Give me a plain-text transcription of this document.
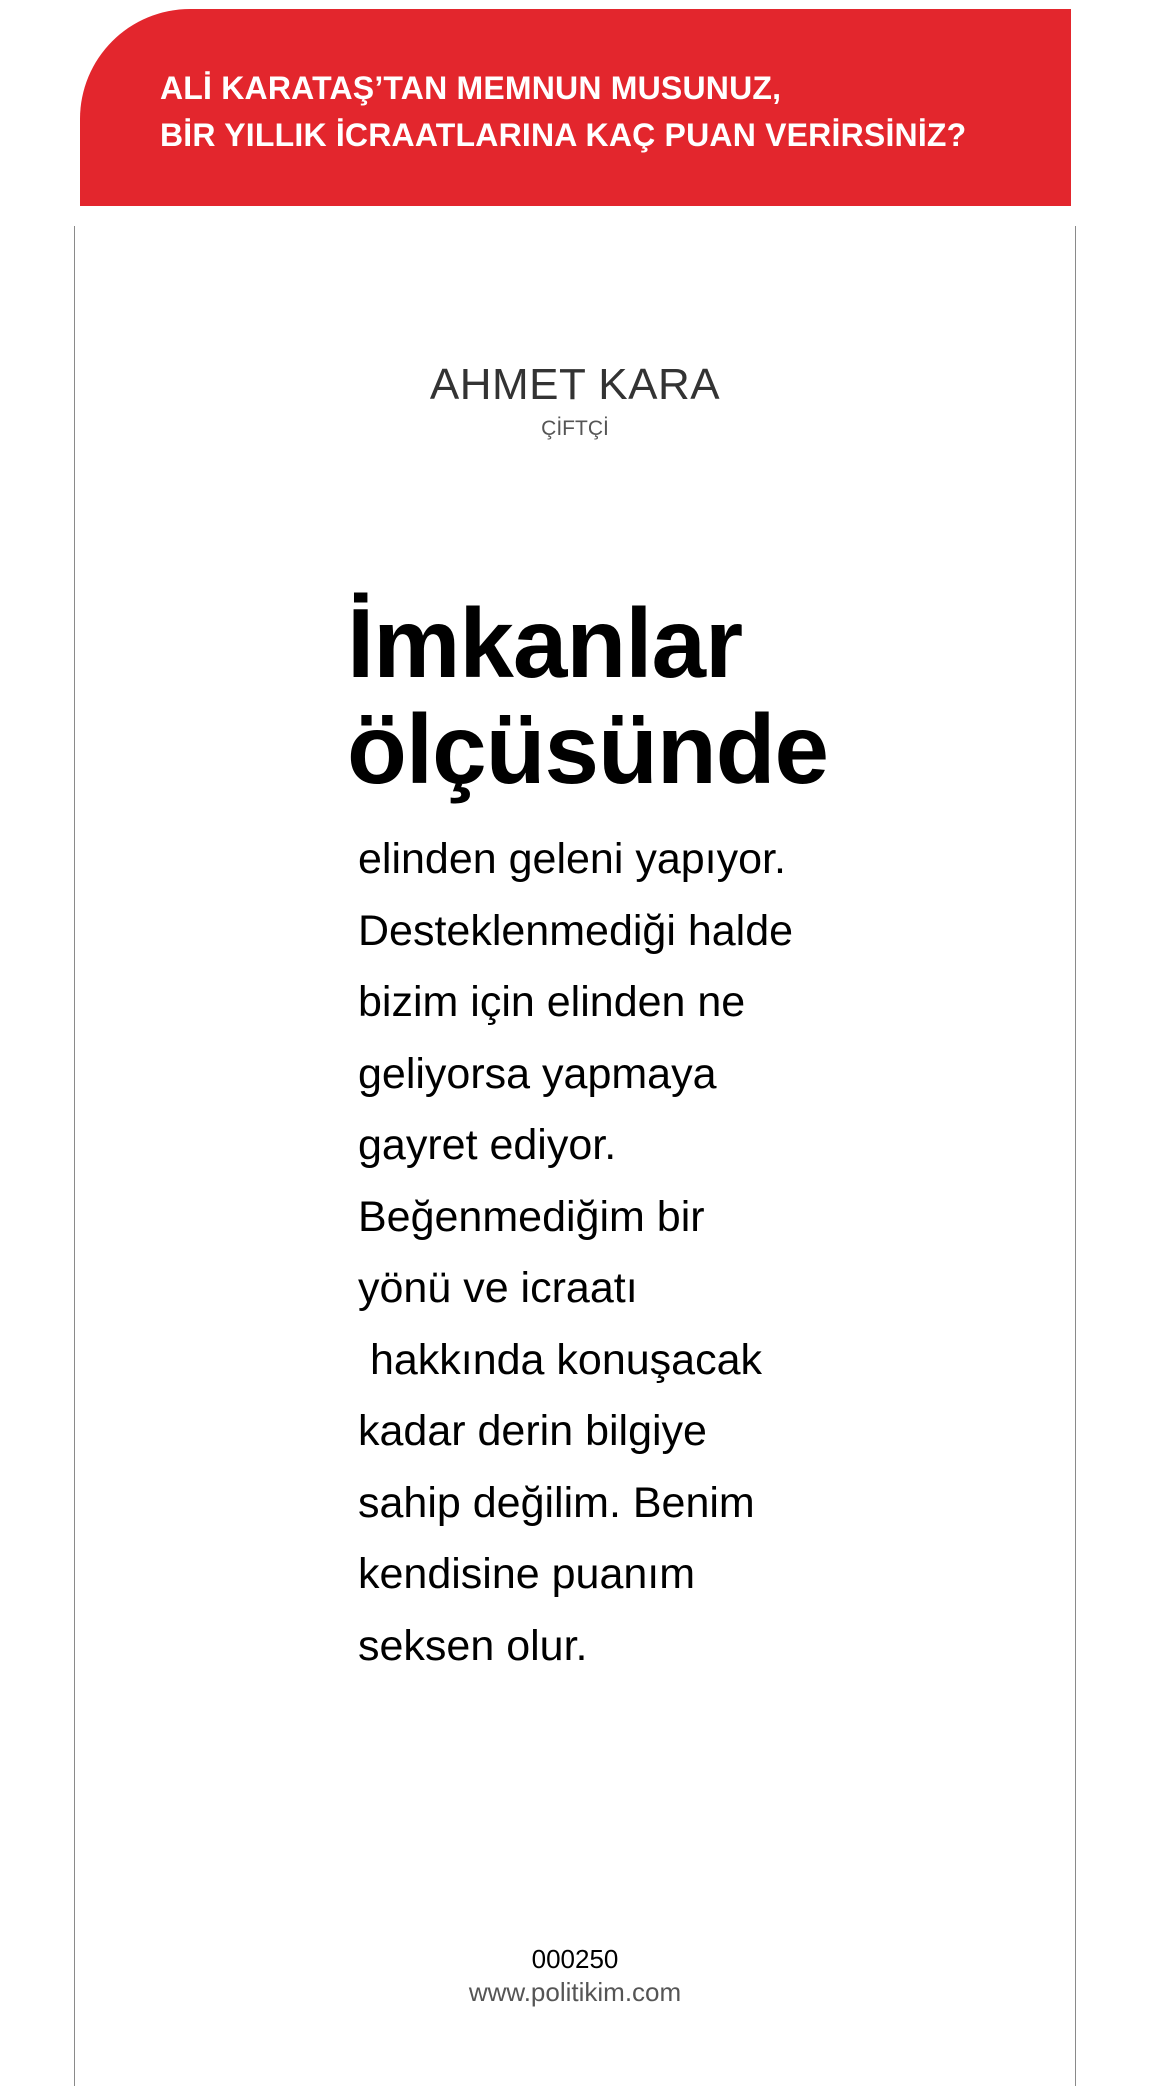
ALİ KARATAŞ’TAN MEMNUN MUSUNUZ,
BİR YILLIK İCRAATLARINA KAÇ PUAN VERİRSİNİZ?
AHMET KARA
ÇİFTÇİ
İmkanlar
ölçüsünde
elinden geleni yapıyor.
Desteklenmediği halde
bizim için elinden ne
geliyorsa yapmaya
gayret ediyor.
Beğenmediğim bir
yönü ve icraatı
hakkında konuşacak
kadar derin bilgiye
sahip değilim. Benim
kendisine puanım
seksen olur.
000250
www.politikim.com
